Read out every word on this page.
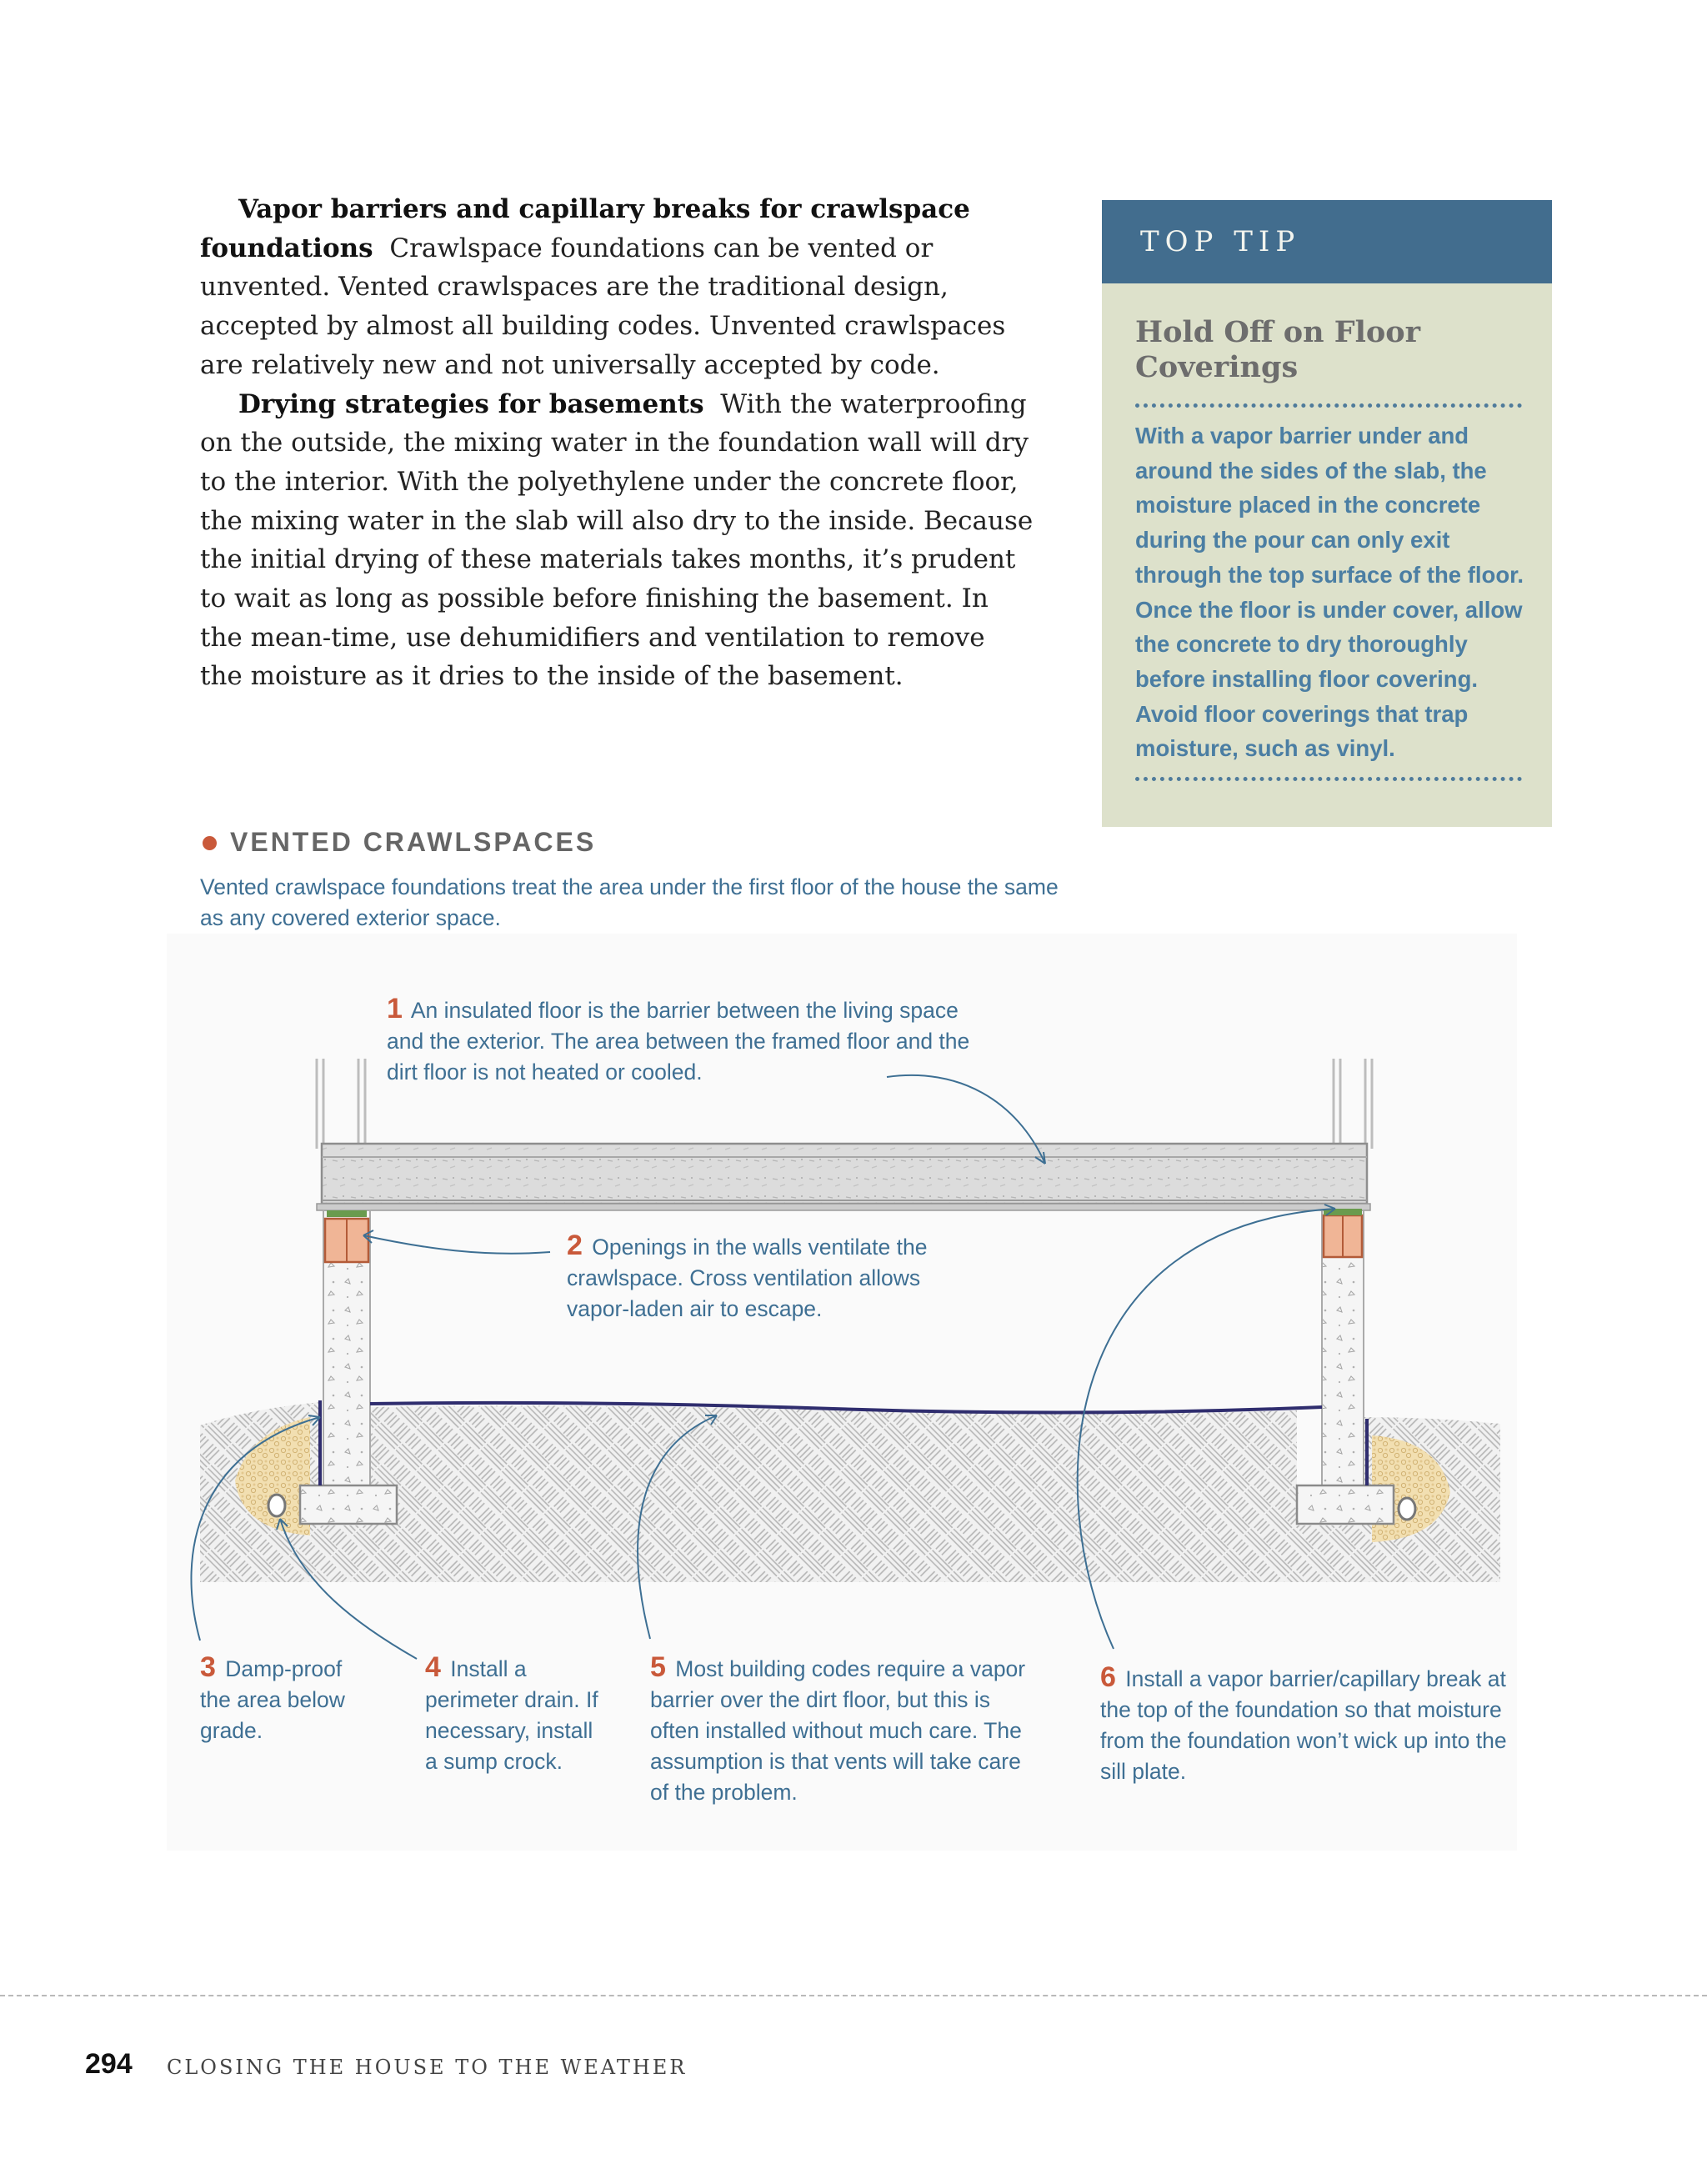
Vapor barriers and capillary breaks for crawlspace foundations Crawlspace foundations can be vented or unvented. Vented crawlspaces are the traditional design, accepted by almost all building codes. Unvented crawlspaces are relatively new and not universally accepted by code.

Drying strategies for basements With the waterproofing on the outside, the mixing water in the foundation wall will dry to the interior. With the polyethylene under the concrete floor, the mixing water in the slab will also dry to the inside. Because the initial drying of these materials takes months, it’s prudent to wait as long as possible before finishing the basement. In the mean-time, use dehumidifiers and ventilation to remove the moisture as it dries to the inside of the basement.

TOP TIP
Hold Off on Floor Coverings
With a vapor barrier under and around the sides of the slab, the moisture placed in the concrete during the pour can only exit through the top surface of the floor. Once the floor is under cover, allow the concrete to dry thoroughly before installing floor covering. Avoid floor coverings that trap moisture, such as vinyl.
VENTED CRAWLSPACES
Vented crawlspace foundations treat the area under the first floor of the house the same as any covered exterior space.
1 An insulated floor is the barrier between the living space and the exterior. The area between the framed floor and the dirt floor is not heated or cooled.
2 Openings in the walls ventilate the crawlspace. Cross ventilation allows vapor-laden air to escape.
3 Damp-proof the area below grade.
4 Install a perimeter drain. If necessary, install a sump crock.
5 Most building codes require a vapor barrier over the dirt floor, but this is often installed without much care. The assumption is that vents will take care of the problem.
6 Install a vapor barrier/capillary break at the top of the foundation so that moisture from the foundation won’t wick up into the sill plate.
294 CLOSING THE HOUSE TO THE WEATHER
